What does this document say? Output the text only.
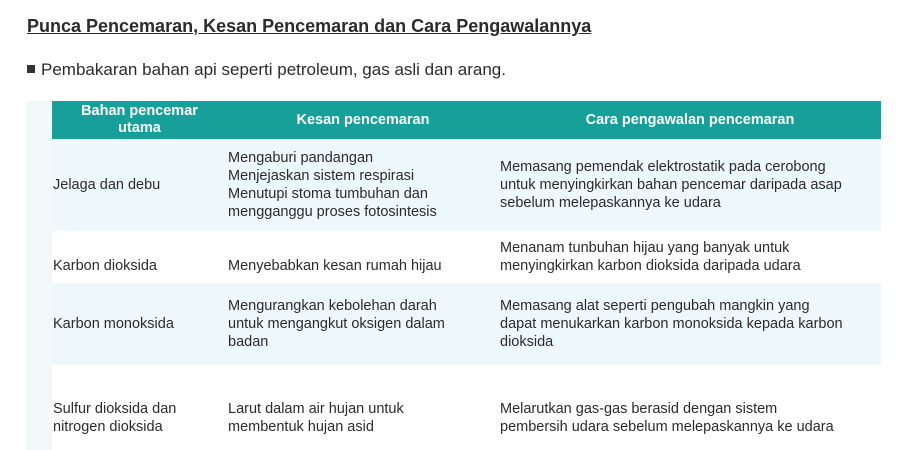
Punca Pencemaran, Kesan Pencemaran dan Cara Pengawalannya
Pembakaran bahan api seperti petroleum, gas asli dan arang.
Bahan pencemar
utama	Kesan pencemaran	Cara pengawalan pencemaran

Jelaga dan debu	Mengaburi pandangan
Menjejaskan sistem respirasi
Menutupi stoma tumbuhan dan
mengganggu proses fotosintesis	Memasang pemendak elektrostatik pada cerobong
untuk menyingkirkan bahan pencemar daripada asap
sebelum melepaskannya ke udara

Karbon dioksida	Menyebabkan kesan rumah hijau	Menanam tunbuhan hijau yang banyak untuk
menyingkirkan karbon dioksida daripada udara

Karbon monoksida	Mengurangkan kebolehan darah
untuk mengangkut oksigen dalam
badan	Memasang alat seperti pengubah mangkin yang
dapat menukarkan karbon monoksida kepada karbon
dioksida

Sulfur dioksida dan
nitrogen dioksida	Larut dalam air hujan untuk
membentuk hujan asid	Melarutkan gas-gas berasid dengan sistem
pembersih udara sebelum melepaskannya ke udara
